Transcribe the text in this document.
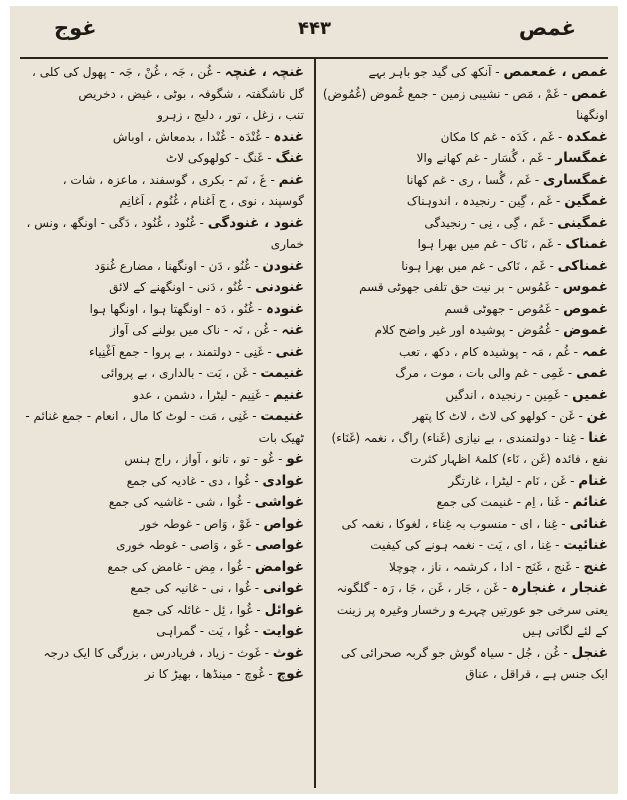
غوج	۴۴۳	غمص

غمص ، غمعمص - آنکھ کی گید جو باہر بہے

غمص - غَمْ ، مَص - نشیبی زمین - جمع غُموض (غُمُوض) اونگھنا

غمکدہ - غَم ، کَدَہ - غم کا مکان

غمگسار - غَم ، گُسَار - غم کھانے والا

غمگساری - غَم ، گُسا ، ری - غم کھانا

غمگین - غَم ، گِین - رنجیدہ ، اندوہناک

غمگینی - غَم ، گِی ، نِی - رنجیدگی

غمناک - غَم ، نَاک - غم میں بھرا ہوا

غمناکی - غَم ، نَاکی - غم میں بھرا ہونا

غموس - غَمُوس - بر نیت حق تلفی جھوٹی قسم

غموص - غَمُوص - جھوٹی قسم

غموض - غُمُوض - پوشیدہ اور غیر واضح کلام

غمہ - غُم ، مَہ - پوشیدہ کام ، دکھ ، تعب

غمی - غَمِی - غم والی بات ، موت ، مرگ

غمیں - غَمِین - رنجیدہ ، اندگیں

غن - غَن - کولھو کی لاٹ ، لاٹ کا پتھر

غنا - غِنا - دولتمندی ، بے نیازی (غَناء) راگ ، نغمہ (غَنَاء) نفع ، فائدہ (غَن ، نَاء) کلمۂ اظہار کثرت

غنام - غَن ، نَام - لیٹرا ، غارتگر

غنائم - غَنا ، اِم - غنیمت کی جمع

غنائی - غِنا ، ای - منسوب بہ غِناء ، لغوکا ، نغمہ کی

غنائیت - غِنا ، ای ، یَت - نغمہ ہونے کی کیفیت

غنج - غَنج ، غَنَج - ادا ، کرشمہ ، ناز ، چوچلا

غنجار ، غنجارہ - غَن ، جَار ، غَن ، جَا ، رَہ - گلگونہ یعنی سرخی جو عورتیں چہرے و رخسار وغیرہ پر زینت کے لئے لگاتی ہیں

غنجل - غُن ، جُل - سیاہ گوش جو گربہ صحرائی کی ایک جنس ہے ، قراقل ، عناق

غنچہ ، غنچہ - غُن ، جَہ ، غُنْ ، جَہ - پھول کی کلی ، گل ناشگفتہ ، شگوفہ ، بوٹی ، غیض ، دخریص

تنب ، زغل ، تور ، دلیج ، زہرو

غندہ - غُنْدَہ - غُنْدا ، بدمعاش ، اوباش

غنگ - غَنگ - کولھوکی لاٹ

غنم - غَ ، نَم - بکری ، گوسفند ، ماعزہ ، شات ، گوسپند ، نوی ، ج اَغنام ، غُنُوم ، اَغانِم

غنود ، غنودگی - غُنُود ، غُنُود ، دَگی - اونگھ ، ونس ، خماری

غنودن - غُنُو ، دَن - اونگھنا ، مضارع غُنوَد

غنودنی - غُنُو ، دَنی - اونگھنے کے لائق

غنودہ - غُنُو ، دَہ - اونگھتا ہوا ، اونگھا ہوا

غنہ - غُن ، نَہ - ناک میں بولنے کی آواز

غنی - غَنِی - دولتمند ، بے پروا - جمع اَغْنِیاء

غنیمت - غَن ، یَت - بالداری ، بے پروائی

غنیم - غَنِیم - لیٹرا ، دشمن ، عدو

غنیمت - غَنِی ، مَت - لوٹ کا مال ، انعام - جمع غنائم - ٹھیک بات

غو - غُو - تو ، تانو ، آواز ، راج ہنس

غوادی - غُوا ، دی - غادیہ کی جمع

غواشی - غُوا ، شی - غاشیہ کی جمع

غواص - غَوْ ، وَاص - غوطہ خور

غواصی - غَو ، وَاصی - غوطہ خوری

غوامض - غُوا ، مِض - غامض کی جمع

غوانی - غُوا ، نی - غانیہ کی جمع

غوائل - غُوا ، ئِل - غائلہ کی جمع

غوایت - غُوا ، یَت - گمراہی

غوث - غَوث - زیاد ، فریادرس ، بزرگی کا ایک درجہ

غوچ - غُوچ - مینڈھا ، بھیڑ کا نر
